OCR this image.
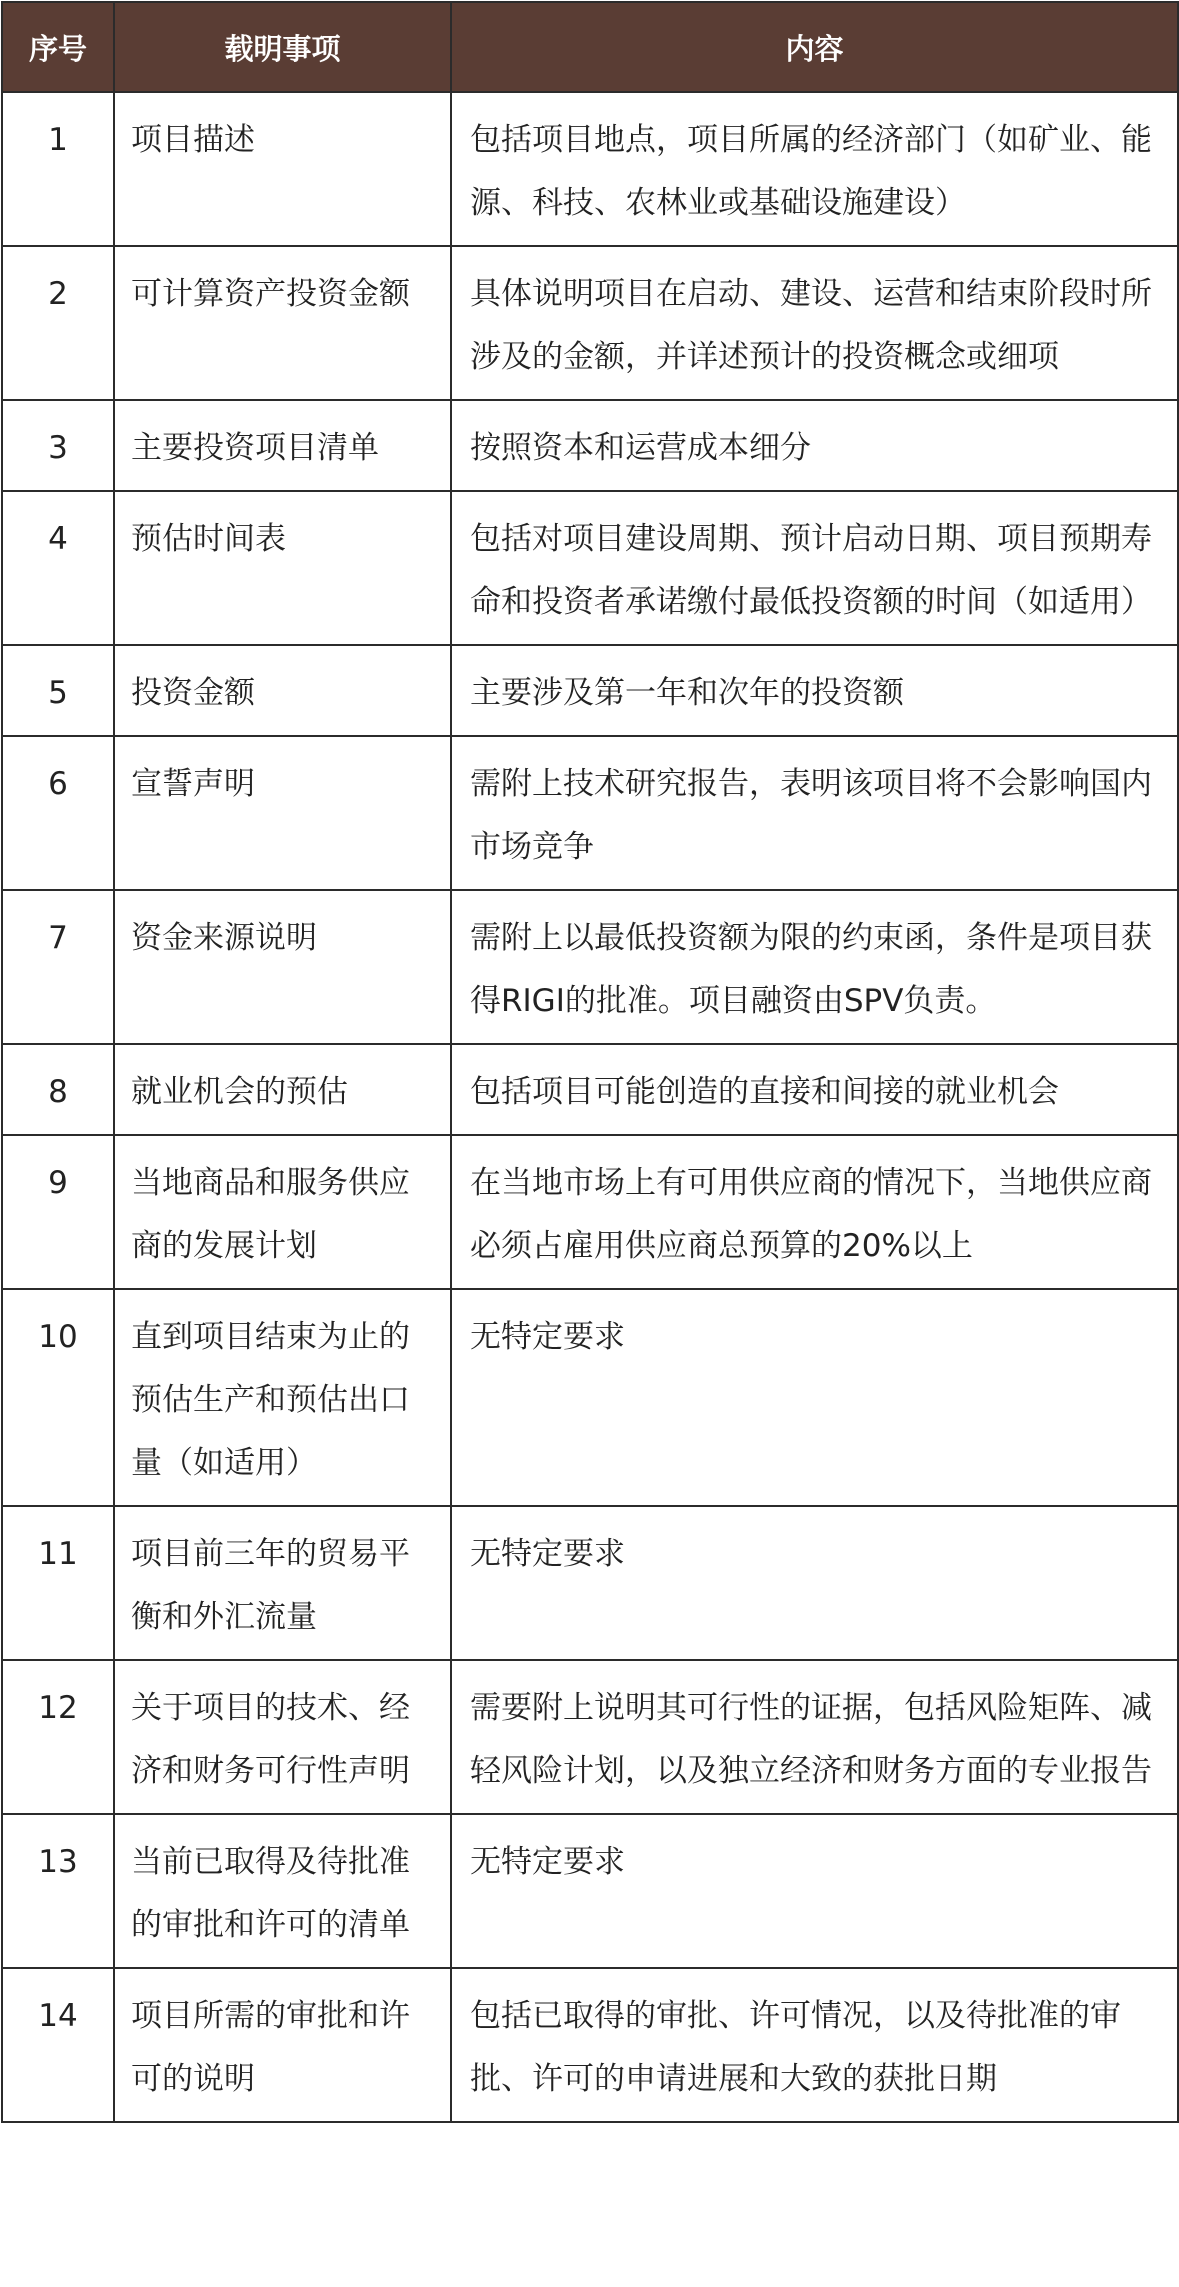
序号	载明事项	内容
1	项目描述	包括项目地点，项目所属的经济部门（如矿业、能源、科技、农林业或基础设施建设）
2	可计算资产投资金额	具体说明项目在启动、建设、运营和结束阶段时所涉及的金额，并详述预计的投资概念或细项
3	主要投资项目清单	按照资本和运营成本细分
4	预估时间表	包括对项目建设周期、预计启动日期、项目预期寿命和投资者承诺缴付最低投资额的时间（如适用）
5	投资金额	主要涉及第一年和次年的投资额
6	宣誓声明	需附上技术研究报告，表明该项目将不会影响国内市场竞争
7	资金来源说明	需附上以最低投资额为限的约束函，条件是项目获得RIGI的批准。项目融资由SPV负责。
8	就业机会的预估	包括项目可能创造的直接和间接的就业机会
9	当地商品和服务供应商的发展计划	在当地市场上有可用供应商的情况下，当地供应商必须占雇用供应商总预算的20%以上
10	直到项目结束为止的预估生产和预估出口量（如适用）	无特定要求
11	项目前三年的贸易平衡和外汇流量	无特定要求
12	关于项目的技术、经济和财务可行性声明	需要附上说明其可行性的证据，包括风险矩阵、减轻风险计划，以及独立经济和财务方面的专业报告
13	当前已取得及待批准的审批和许可的清单	无特定要求
14	项目所需的审批和许可的说明	包括已取得的审批、许可情况，以及待批准的审批、许可的申请进展和大致的获批日期
